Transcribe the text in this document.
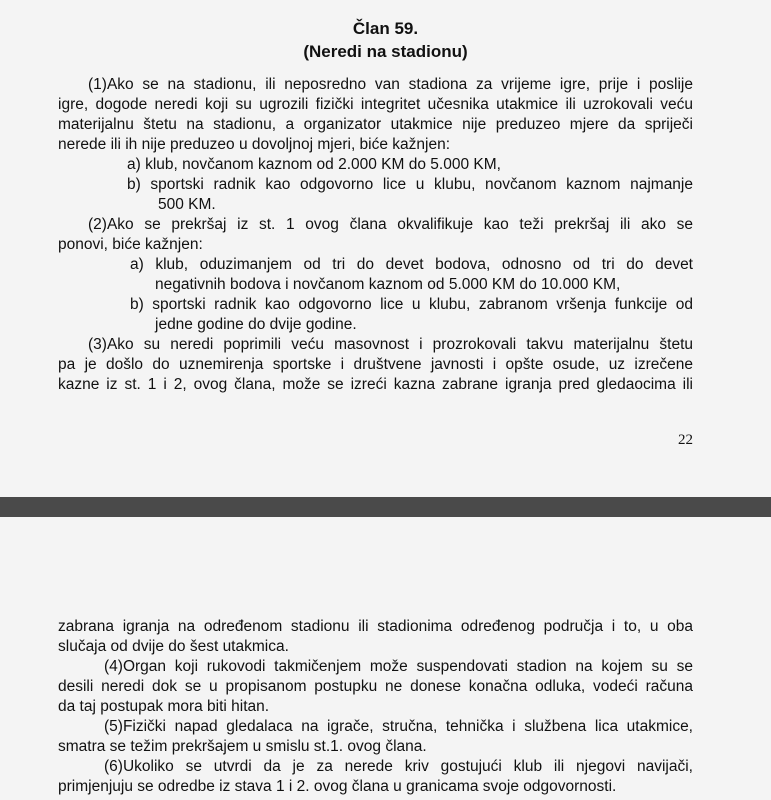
Član 59.
(Neredi na stadionu)
(1)Ako se na stadionu, ili neposredno van stadiona za vrijeme igre, prije i poslije
igre, dogode neredi koji su ugrozili fizički integritet učesnika utakmice ili uzrokovali veću
materijalnu štetu na stadionu, a organizator utakmice nije preduzeo mjere da spriječi
nerede ili ih nije preduzeo u dovoljnoj mjeri, biće kažnjen:
a) klub, novčanom kaznom od 2.000 KM do 5.000 KM,
b) sportski radnik kao odgovorno lice u klubu, novčanom kaznom najmanje
500 KM.
(2)Ako se prekršaj iz st. 1 ovog člana okvalifikuje kao teži prekršaj ili ako se
ponovi, biće kažnjen:
a) klub, oduzimanjem od tri do devet bodova, odnosno od tri do devet
negativnih bodova i novčanom kaznom od 5.000 KM do 10.000 KM,
b) sportski radnik kao odgovorno lice u klubu, zabranom vršenja funkcije od
jedne godine do dvije godine.
(3)Ako su neredi poprimili veću masovnost i prozrokovali takvu materijalnu štetu
pa je došlo do uznemirenja sportske i društvene javnosti i opšte osude, uz izrečene
kazne iz st. 1 i 2, ovog člana, može se izreći kazna zabrane igranja pred gledaocima ili
22
zabrana igranja na određenom stadionu ili stadionima određenog područja i to, u oba
slučaja od dvije do šest utakmica.
(4)Organ koji rukovodi takmičenjem može suspendovati stadion na kojem su se
desili neredi dok se u propisanom postupku ne donese konačna odluka, vodeći računa
da taj postupak mora biti hitan.
(5)Fizički napad gledalaca na igrače, stručna, tehnička i službena lica utakmice,
smatra se težim prekršajem u smislu st.1. ovog člana.
(6)Ukoliko se utvrdi da je za nerede kriv gostujući klub ili njegovi navijači,
primjenjuju se odredbe iz stava 1 i 2. ovog člana u granicama svoje odgovornosti.
